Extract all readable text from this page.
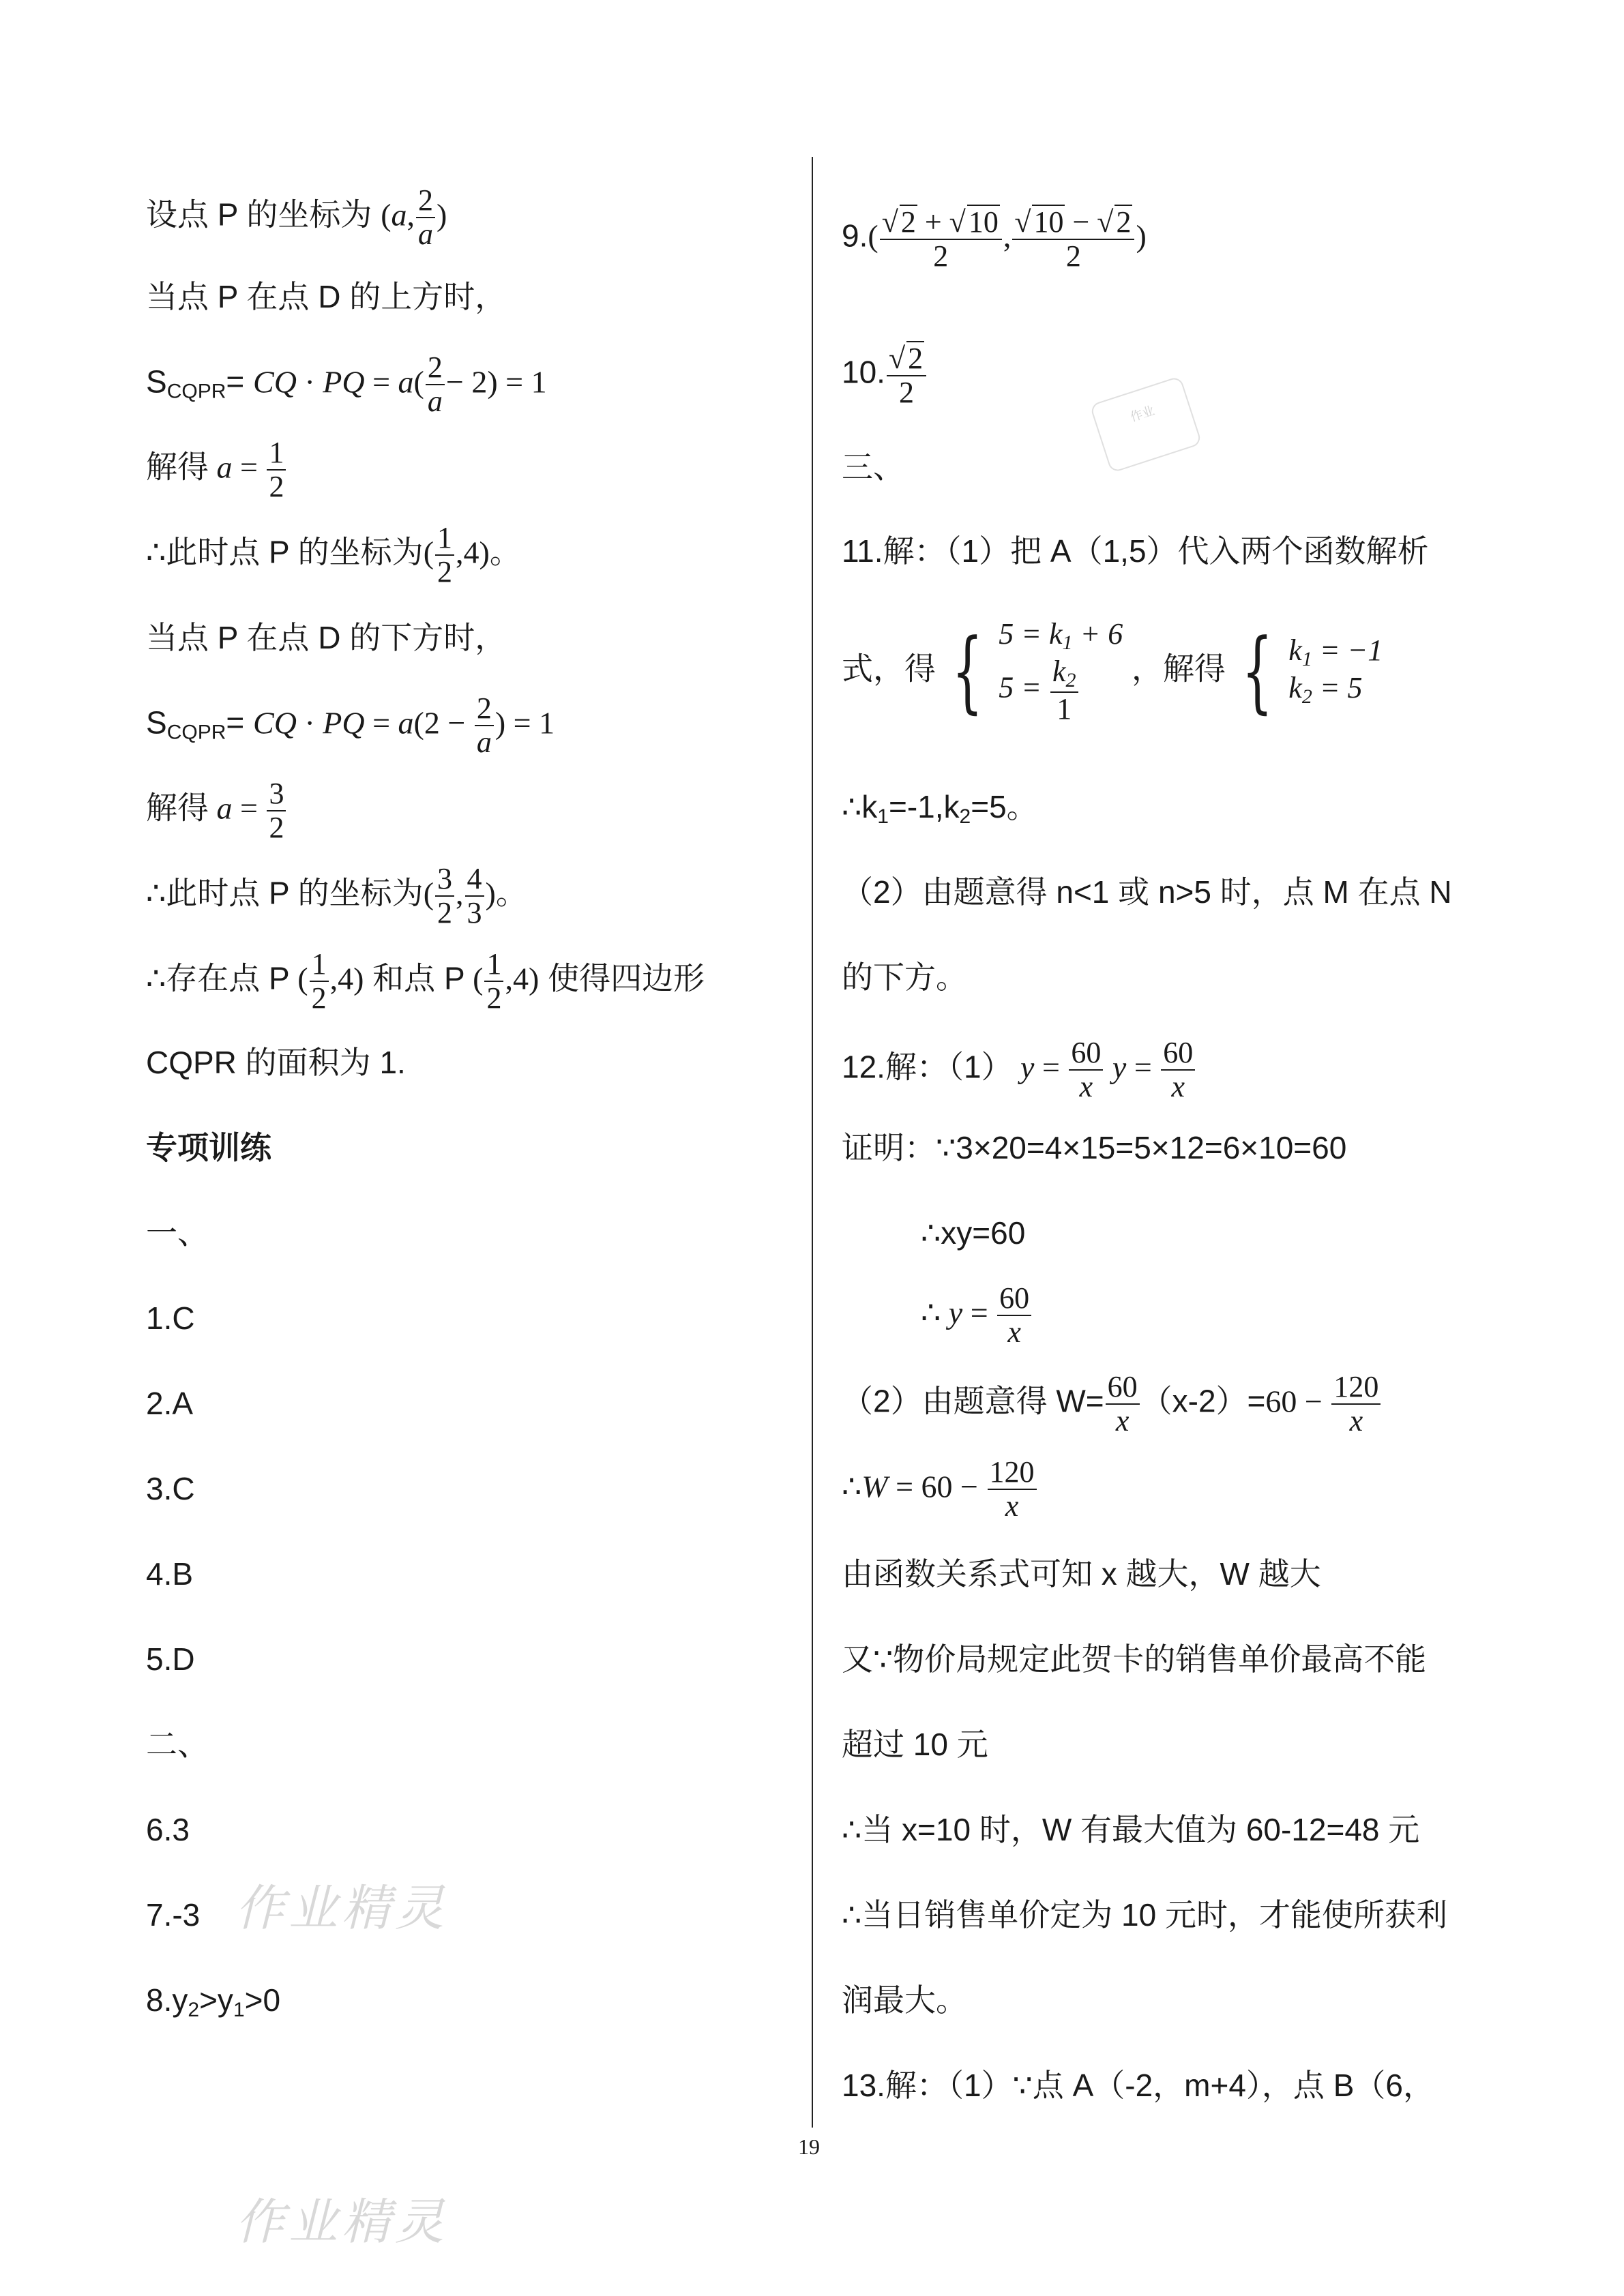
设点 P 的坐标为 (a, $\frac{2}{a}$ )
当点 P 在点 D 的上方时，
$S_{CQPR}=$ CQ · PQ = $a( \frac{2}{a} - 2) = 1$
解得 $a = \frac{1}{2}$
∴此时点 P 的坐标为( $\frac{1}{2} ,4$)。
当点 P 在点 D 的下方时，
$S_{CQPR}=$ CQ · PQ = $a(2 - \frac{2}{a}$ ) = 1
解得 $a = \frac{3}{2}$
∴此时点 P 的坐标为( $\frac{3}{2}$ , $\frac{4}{3}$ )。
∴存在点 P ( $\frac{1}{2} ,4$) 和点 P ( $\frac{1}{2} ,4$) 使得四边形
CQPR 的面积为 1.
专项训练
一、
1.C
2.A
3.C
4.B
5.D
二、
6.3
7.-3
$8.y_2>y_1>0$
$9.( \frac{√2 + √10}{2}$ , $\frac{√10 - √2}{2}$ )
10. $\frac{√2}{2}$
三、
11.解：（1）把 A（1,5）代入两个函数解析
式，得 { $5 = k_1 + 6$
$5 = \frac{k_2}{1}$ ，解得 { $k_1 = -1$
$k_2 = 5$
$\therefore k_1=-1,k_2=5$。
（2）由题意得 n<1 或 n>5 时，点 M 在点 N
的下方。
12.解：（1） $y = \frac{60}{x}$ $y = \frac{60}{x}$
证明：∵3×20=4×15=5×12=6×10=60
∴xy=60
∴ $y = \frac{60}{x}$
（2）由题意得 $W= \frac{60}{x} (x-2)=60 - \frac{120}{x}$
∴W = $60 - \frac{120}{x}$
由函数关系式可知 x 越大，W 越大
又∵物价局规定此贺卡的销售单价最高不能
超过 10 元
∴当 x=10 时，W 有最大值为 60-12=48 元
∴当日销售单价定为 10 元时，才能使所获利
润最大。
13.解：（1）∵点 A（-2，m+4），点 B（6，
19
作业精灵
作业精灵
作业
